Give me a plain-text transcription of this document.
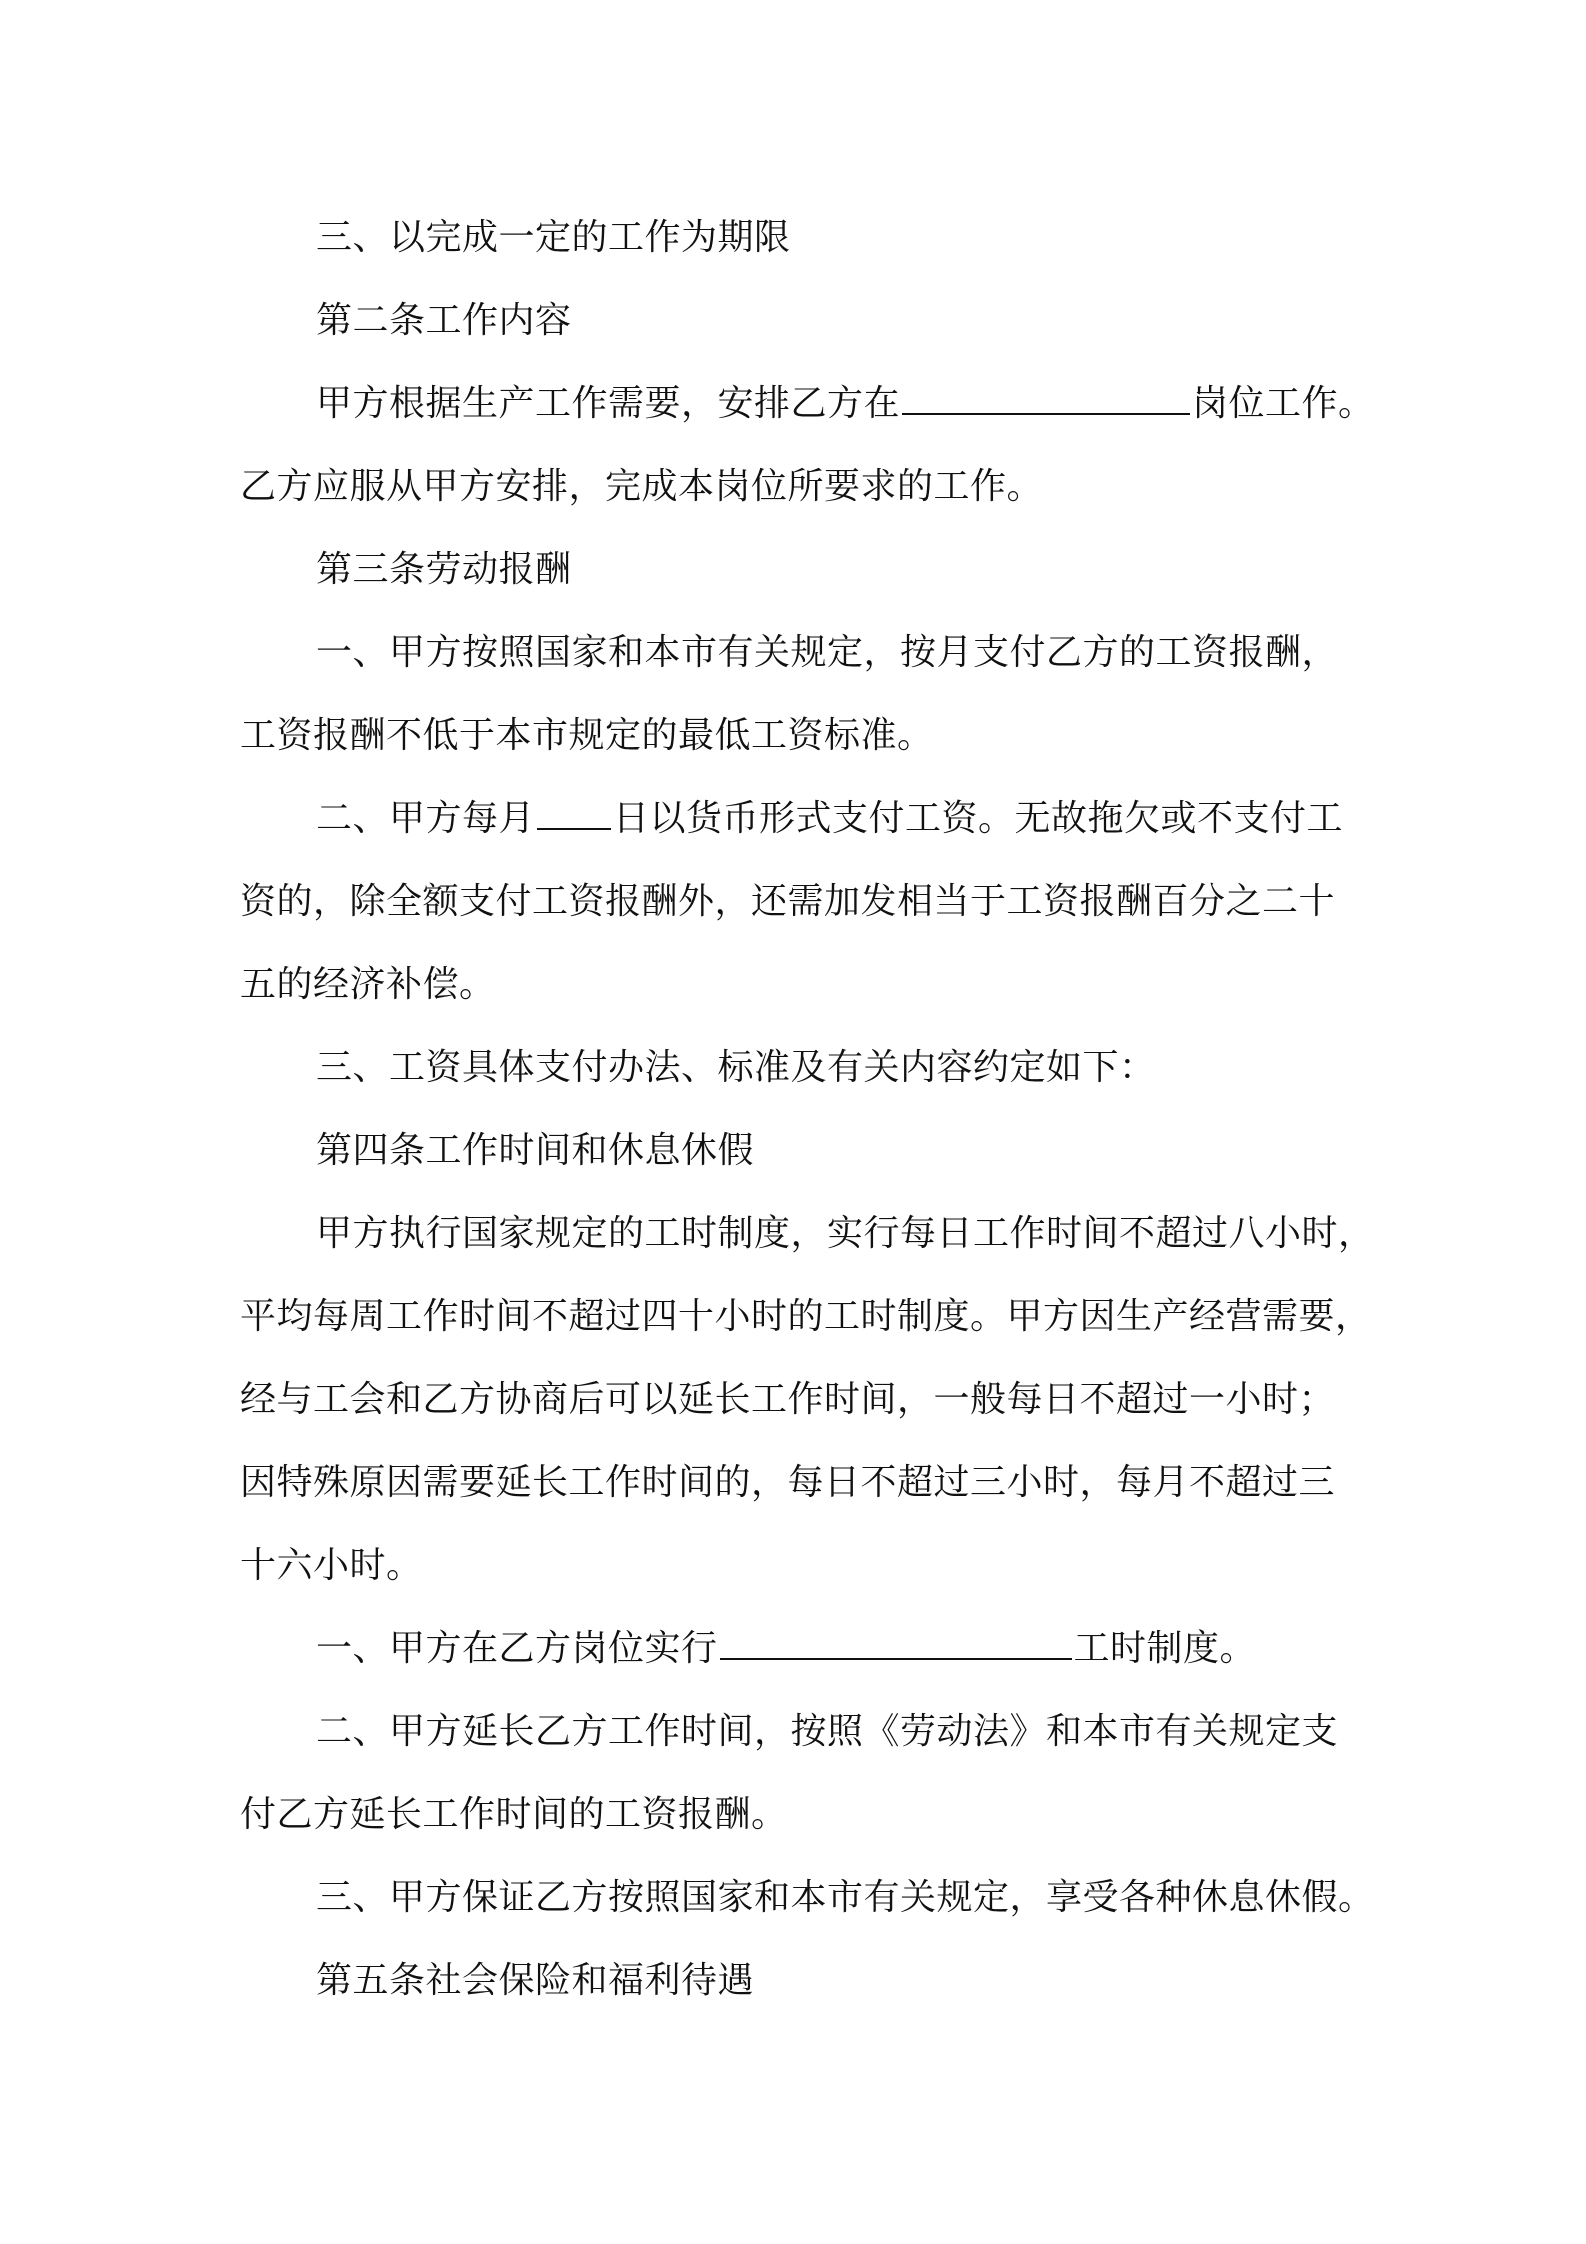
三、以完成一定的工作为期限
第二条工作内容
甲方根据生产工作需要，安排乙方在	岗位工作。
乙方应服从甲方安排，完成本岗位所要求的工作。
第三条劳动报酬
一、甲方按照国家和本市有关规定，按月支付乙方的工资报酬，
工资报酬不低于本市规定的最低工资标准。
二、甲方每月 日以货币形式支付工资。无故拖欠或不支付工
资的，除全额支付工资报酬外，还需加发相当于工资报酬百分之二十
五的经济补偿。
三、工资具体支付办法、标准及有关内容约定如下：
第四条工作时间和休息休假
甲方执行国家规定的工时制度，实行每日工作时间不超过八小时，
平均每周工作时间不超过四十小时的工时制度。甲方因生产经营需要，
经与工会和乙方协商后可以延长工作时间，一般每日不超过一小时；
因特殊原因需要延长工作时间的，每日不超过三小时，每月不超过三
十六小时。
一、甲方在乙方岗位实行	工时制度。
二、甲方延长乙方工作时间，按照《劳动法》和本市有关规定支
付乙方延长工作时间的工资报酬。
三、甲方保证乙方按照国家和本市有关规定，享受各种休息休假。
第五条社会保险和福利待遇
